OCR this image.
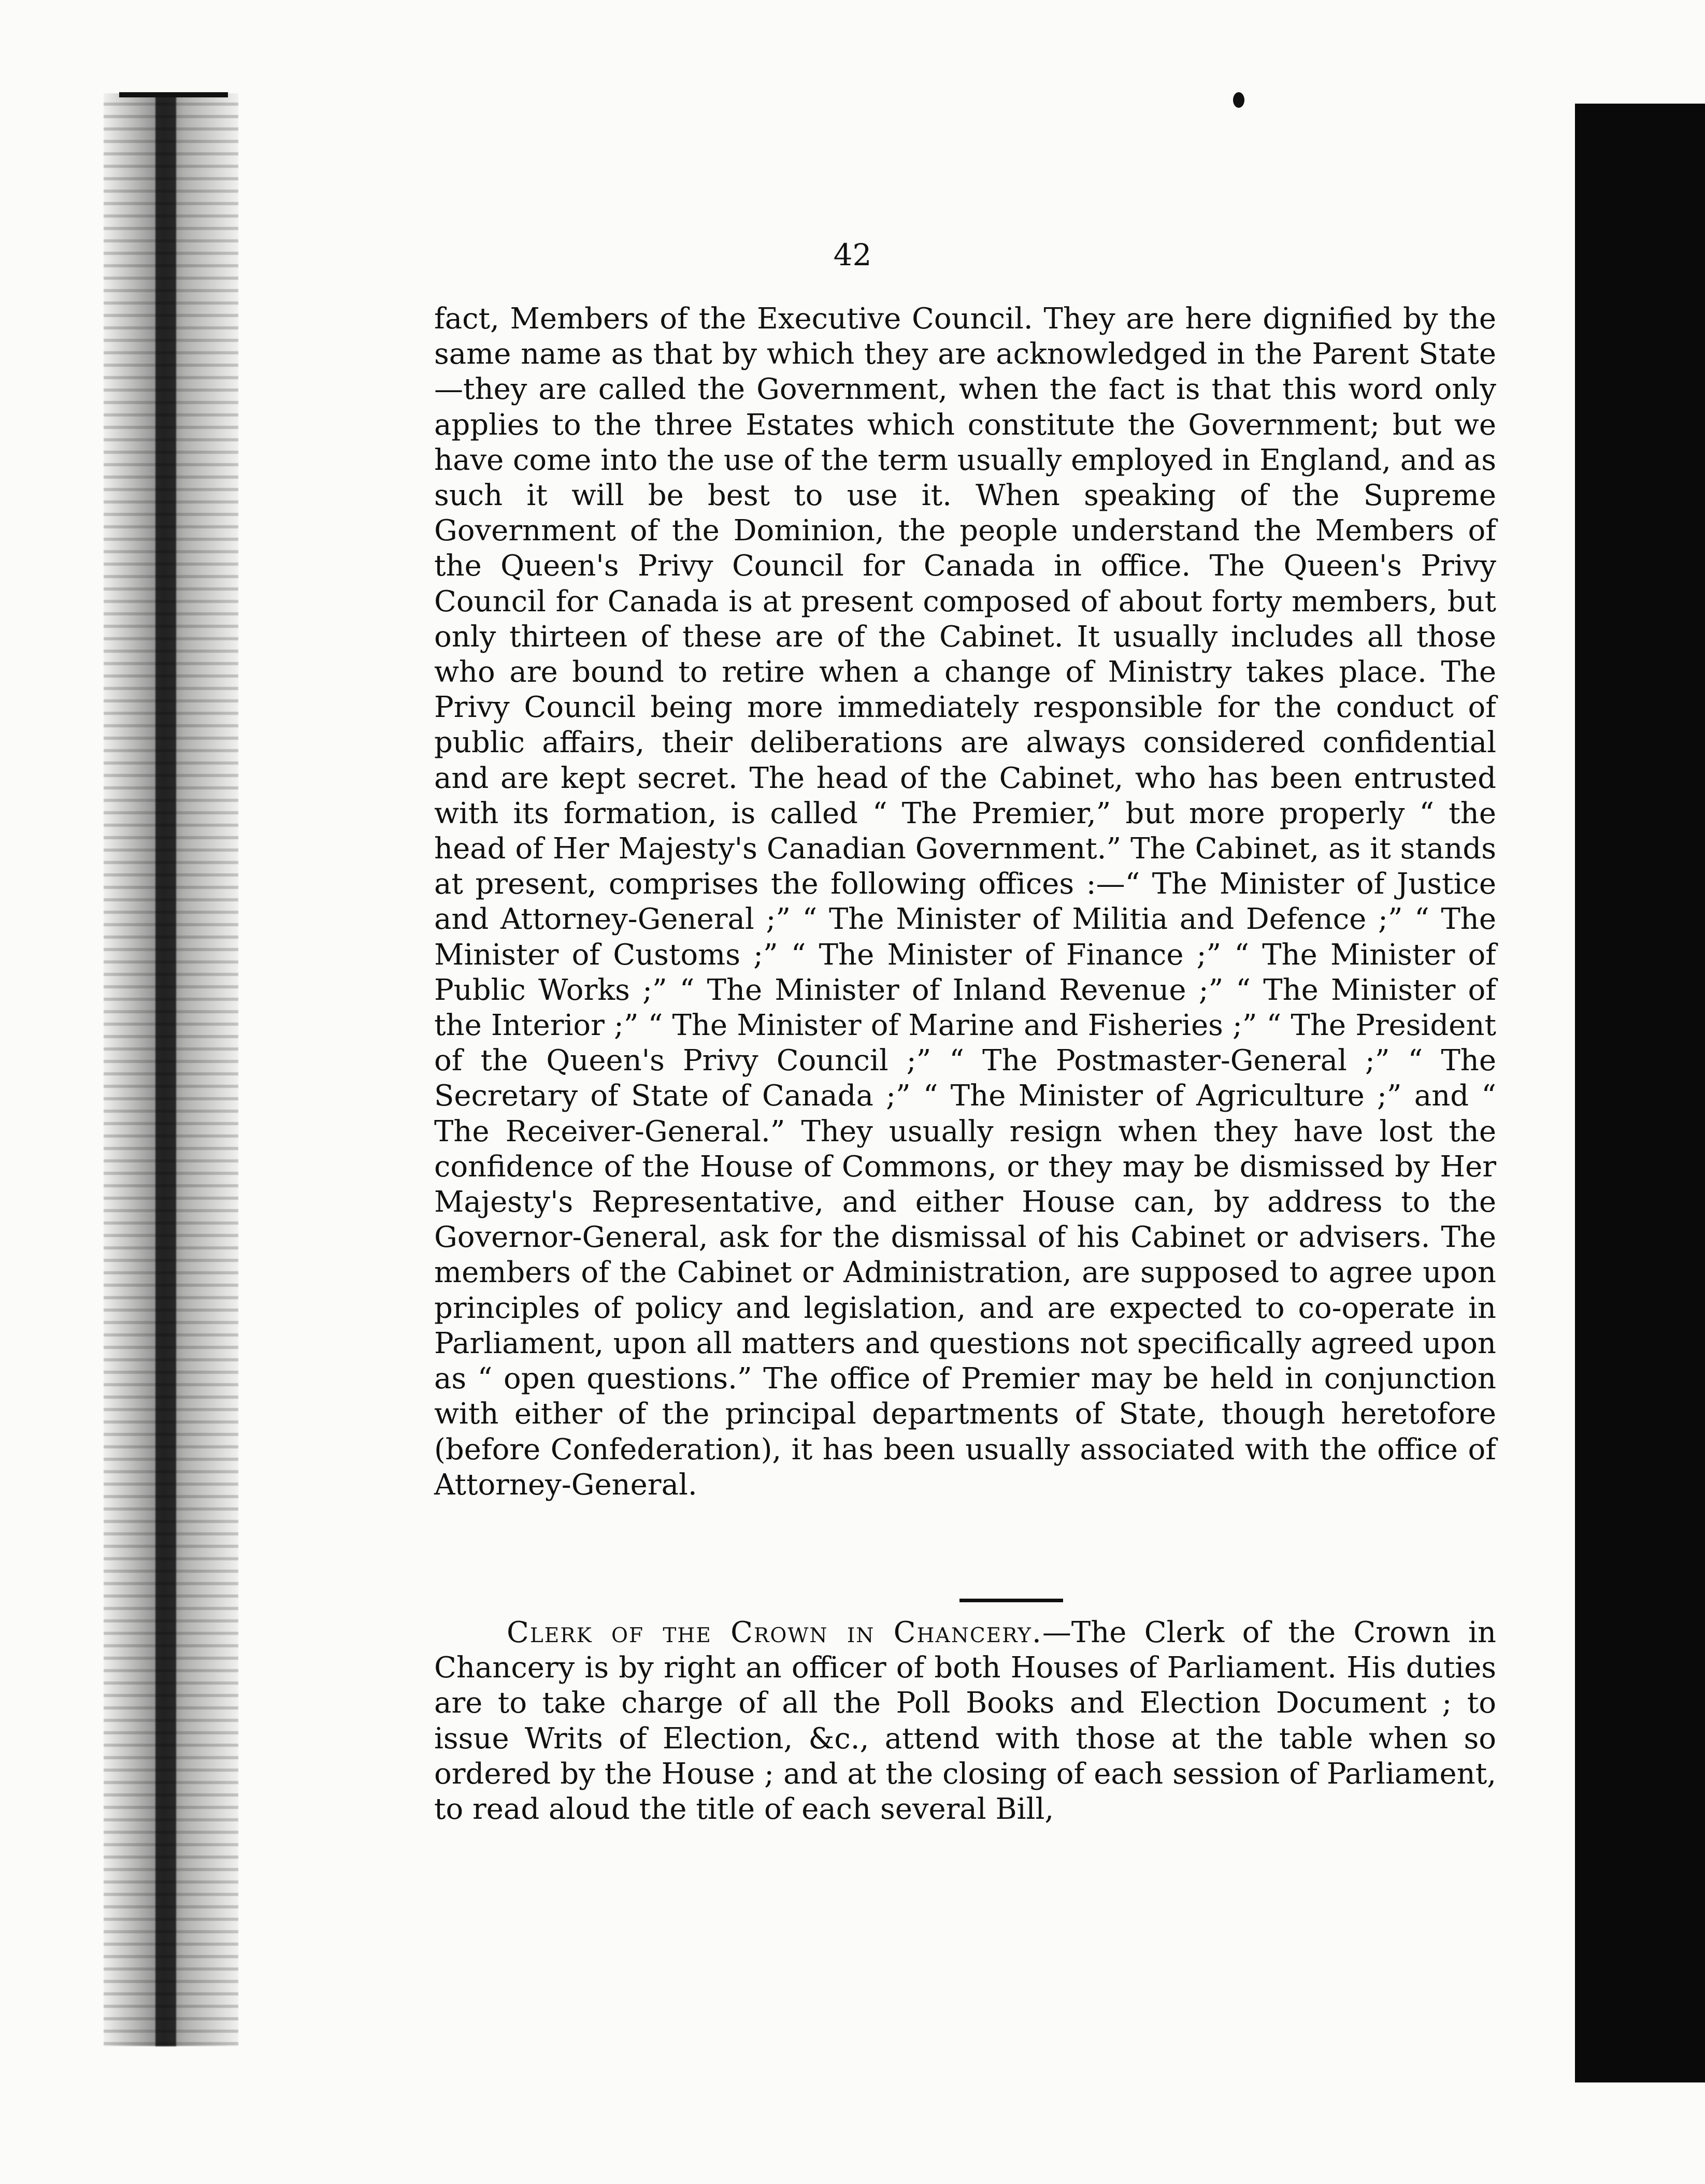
42

fact, Members of the Executive Council. They are here dignified by the same name as that by which they are acknowledged in the Parent State—they are called the Government, when the fact is that this word only applies to the three Estates which constitute the Government; but we have come into the use of the term usually employed in England, and as such it will be best to use it. When speaking of the Supreme Government of the Dominion, the people understand the Members of the Queen's Privy Council for Canada in office. The Queen's Privy Council for Canada is at present composed of about forty members, but only thirteen of these are of the Cabinet. It usually includes all those who are bound to retire when a change of Ministry takes place. The Privy Council being more immediately responsible for the conduct of public affairs, their deliberations are always considered confidential and are kept secret. The head of the Cabinet, who has been entrusted with its formation, is called “ The Premier,” but more properly “ the head of Her Majesty's Canadian Government.” The Cabinet, as it stands at present, comprises the following offices :—“ The Minister of Justice and Attorney-General ;” “ The Minister of Militia and Defence ;” “ The Minister of Customs ;” “ The Minister of Finance ;” “ The Minister of Public Works ;” “ The Minister of Inland Revenue ;” “ The Minister of the Interior ;” “ The Minister of Marine and Fisheries ;” “ The President of the Queen's Privy Council ;” “ The Postmaster-General ;” “ The Secretary of State of Canada ;” “ The Minister of Agriculture ;” and “ The Receiver-General.” They usually resign when they have lost the confidence of the House of Commons, or they may be dismissed by Her Majesty's Representative, and either House can, by address to the Governor-General, ask for the dismissal of his Cabinet or advisers. The members of the Cabinet or Administration, are supposed to agree upon principles of policy and legislation, and are expected to co-operate in Parliament, upon all matters and questions not specifically agreed upon as “ open questions.” The office of Premier may be held in conjunction with either of the principal departments of State, though heretofore (before Confederation), it has been usually associated with the office of Attorney-General.

Clerk of the Crown in Chancery.—The Clerk of the Crown in Chancery is by right an officer of both Houses of Parliament. His duties are to take charge of all the Poll Books and Election Document ; to issue Writs of Election, &c., attend with those at the table when so ordered by the House ; and at the closing of each session of Parliament, to read aloud the title of each several Bill,
